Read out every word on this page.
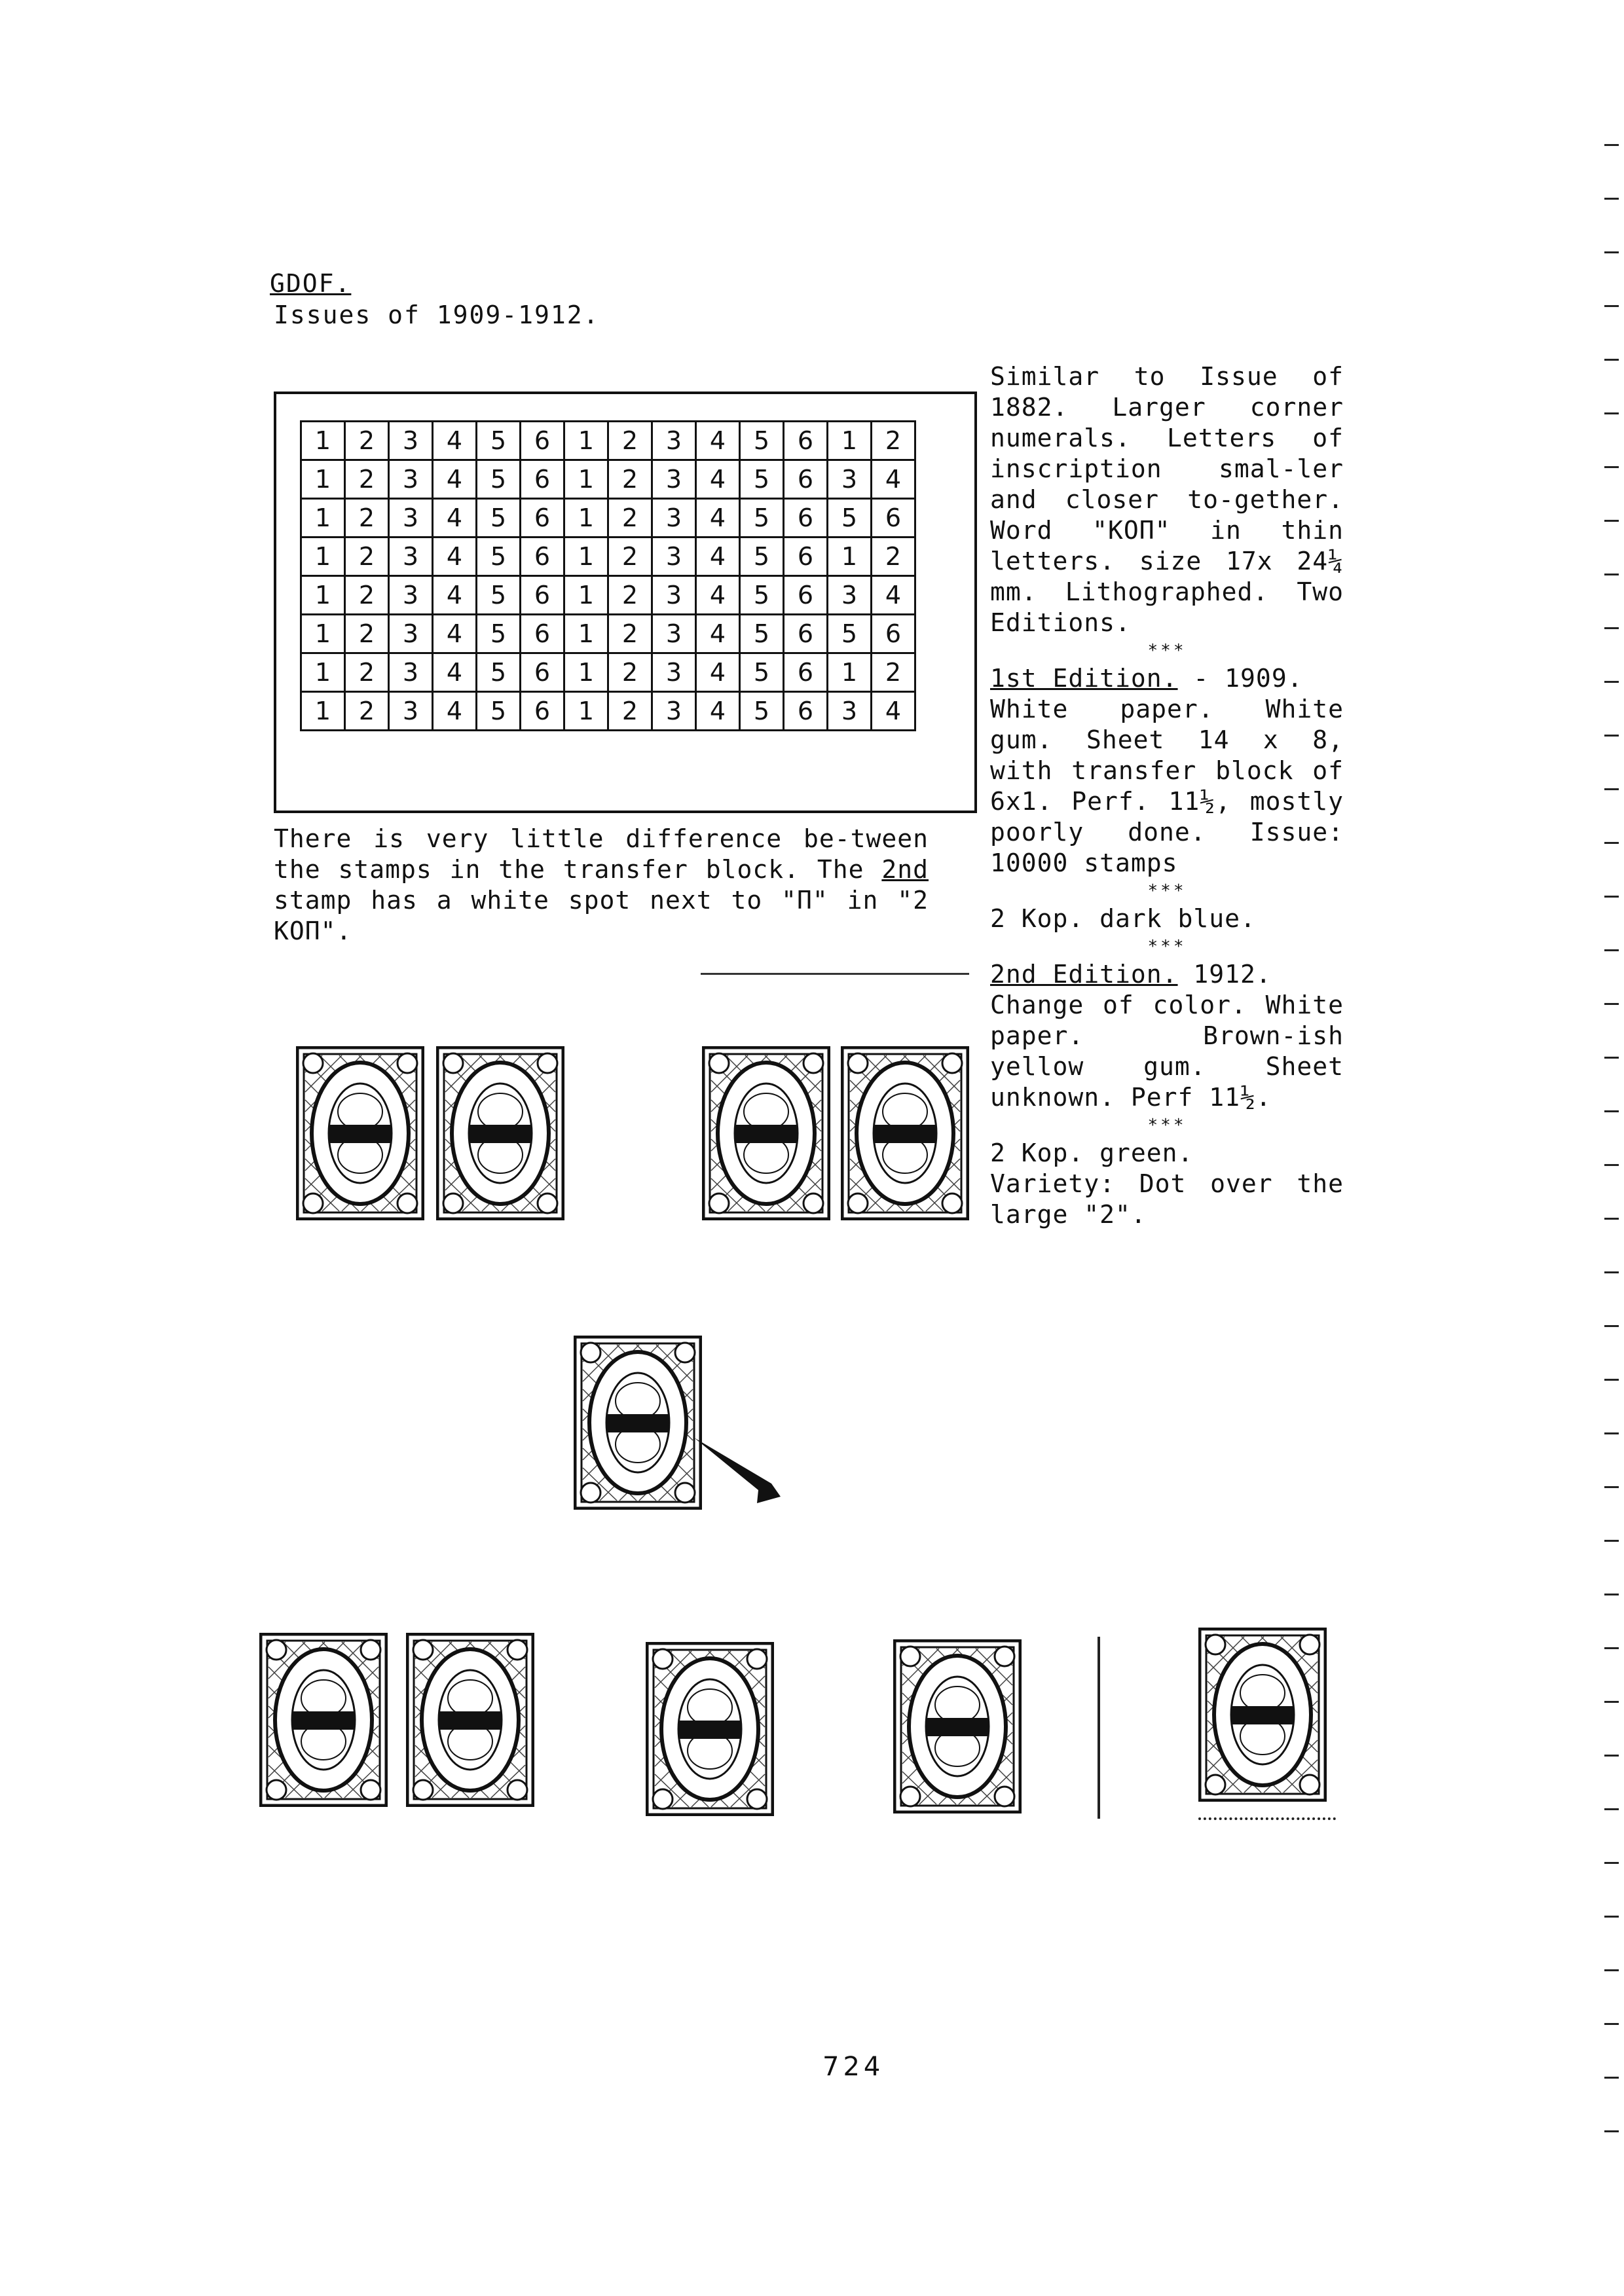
GDOF.
Issues of 1909-1912.
1	2	3	4	5	6	1	2	3	4	5	6	1	2
1	2	3	4	5	6	1	2	3	4	5	6	3	4
1	2	3	4	5	6	1	2	3	4	5	6	5	6
1	2	3	4	5	6	1	2	3	4	5	6	1	2
1	2	3	4	5	6	1	2	3	4	5	6	3	4
1	2	3	4	5	6	1	2	3	4	5	6	5	6
1	2	3	4	5	6	1	2	3	4	5	6	1	2
1	2	3	4	5	6	1	2	3	4	5	6	3	4

There is very little difference be-tween the stamps in the transfer block. The 2nd stamp has a white spot next to "П" in "2 КОП".

Similar to Issue of 1882. Larger corner numerals. Letters of inscription smal-ler and closer to-gether. Word "КОП" in thin letters. size 17x 24¼ mm. Lithographed. Two Editions.

***

1st Edition. - 1909.

White paper. White gum. Sheet 14 x 8, with transfer block of 6x1. Perf. 11½, mostly poorly done. Issue: 10000 stamps

***

2 Kop. dark blue.

***

2nd Edition. 1912.

Change of color. White paper. Brown-ish yellow gum. Sheet unknown. Perf 11½.

***

2 Kop. green.

Variety: Dot over the large "2".

724
